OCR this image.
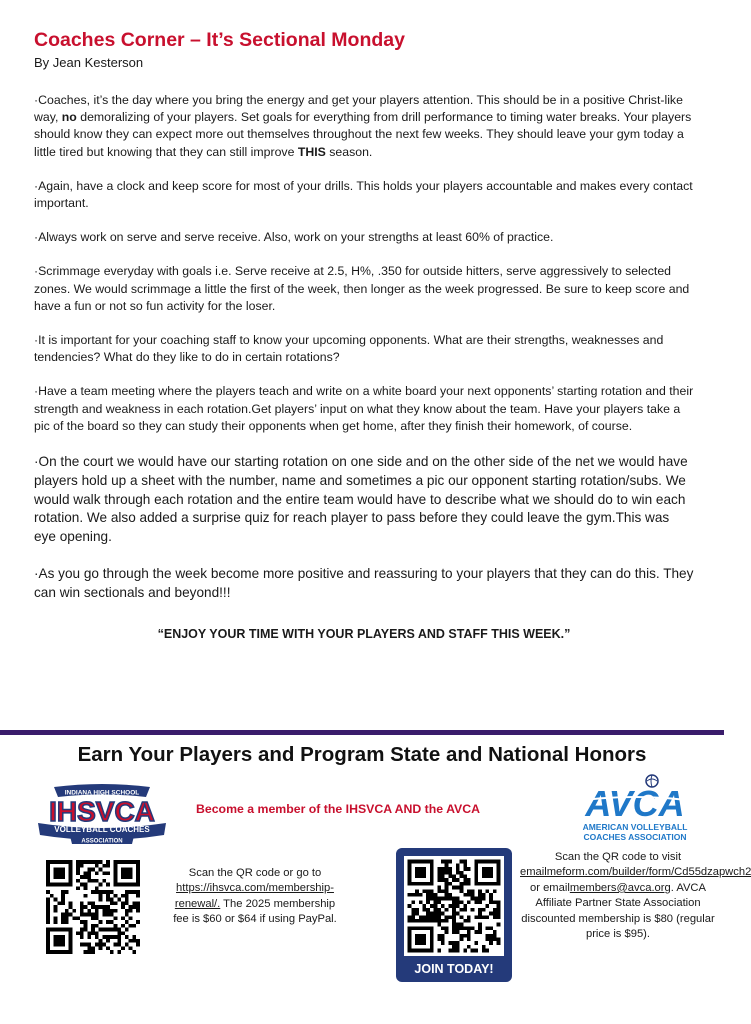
Coaches Corner – It’s Sectional Monday

By Jean Kesterson

·Coaches, it’s the day where you bring the energy and get your players attention. This should be in a positive Christ-like way, no demoralizing of your players. Set goals for everything from drill performance to timing water breaks. Your players should know they can expect more out themselves throughout the next few weeks. They should leave your gym today a little tired but knowing that they can still improve THIS season.

·Again, have a clock and keep score for most of your drills. This holds your players accountable and makes every contact important.

·Always work on serve and serve receive. Also, work on your strengths at least 60% of practice.

·Scrimmage everyday with goals i.e. Serve receive at 2.5, H%, .350 for outside hitters, serve aggressively to selected zones. We would scrimmage a little the first of the week, then longer as the week progressed. Be sure to keep score and have a fun or not so fun activity for the loser.

·It is important for your coaching staff to know your upcoming opponents. What are their strengths, weaknesses and tendencies? What do they like to do in certain rotations?

·Have a team meeting where the players teach and write on a white board your next opponents’ starting rotation and their strength and weakness in each rotation.Get players’ input on what they know about the team. Have your players take a pic of the board so they can study their opponents when get home, after they finish their homework, of course.

·On the court we would have our starting rotation on one side and on the other side of the net we would have players hold up a sheet with the number, name and sometimes a pic our opponent starting rotation/subs. We would walk through each rotation and the entire team would have to describe what we should do to win each rotation. We also added a surprise quiz for reach player to pass before they could leave the gym.This was eye opening.

·As you go through the week become more positive and reassuring to your players that they can do this. They can win sectionals and beyond!!!

“ENJOY YOUR TIME WITH YOUR PLAYERS AND STAFF THIS WEEK.”

Earn Your Players and Program State and National Honors
INDIANA HIGH SCHOOL
IHSVCA
VOLLEYBALL COACHES
ASSOCIATION
Become a member of the IHSVCA AND the AVCA	AVCA
AMERICAN VOLLEYBALL
COACHES ASSOCIATION
Scan the QR code or go to https://ihsvca.com/membership-renewal/. The 2025 membership fee is $60 or $64 if using PayPal.
JOIN TODAY!
Scan the QR code to visit emailmeform.com/builder/form/Cd55dzapwch2 or emailmembers@avca.org. AVCA Affiliate Partner State Association discounted membership is $80 (regular price is $95).
